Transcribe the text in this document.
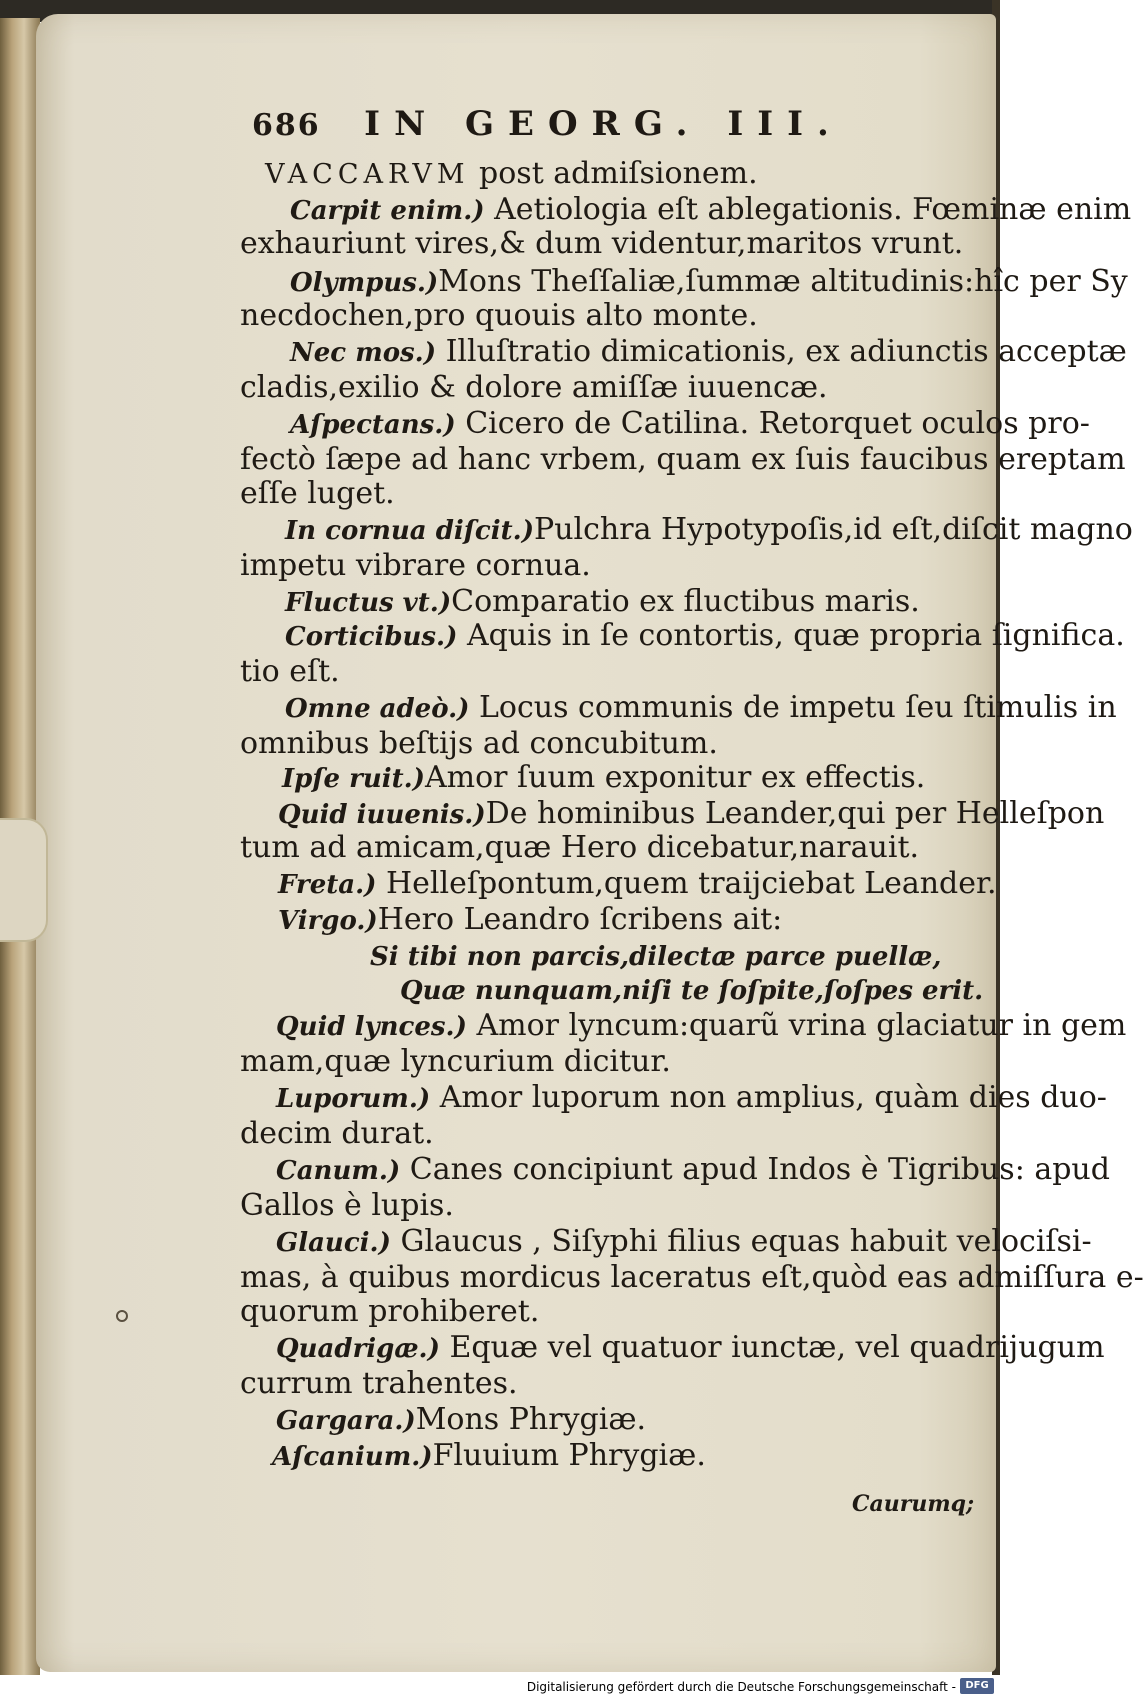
686 IN GEORG. III.
VACCARVM post admiſsionem.
Carpit enim.) Aetiologia eſt ablegationis. Fœminæ enim
exhauriunt vires,& dum videntur,maritos vrunt.
Olympus.)Mons Theſſaliæ,ſummæ altitudinis:hîc per Sy
necdochen,pro quouis alto monte.
Nec mos.) Illuſtratio dimicationis, ex adiunctis acceptæ
cladis,exilio & dolore amiſſæ iuuencæ.
Aſpectans.) Cicero de Catilina. Retorquet oculos pro-
fectò ſæpe ad hanc vrbem, quam ex ſuis faucibus ereptam
eſſe luget.
In cornua diſcit.)Pulchra Hypotypoſis,id eſt,diſcit magno
impetu vibrare cornua.
Fluctus vt.)Comparatio ex fluctibus maris.
Corticibus.) Aquis in ſe contortis, quæ propria ſignifica.
tio eſt.
Omne adeò.) Locus communis de impetu ſeu ſtimulis in
omnibus beſtijs ad concubitum.
Ipſe ruit.)Amor ſuum exponitur ex effectis.
Quid iuuenis.)De hominibus Leander,qui per Helleſpon
tum ad amicam,quæ Hero dicebatur,narauit.
Freta.) Helleſpontum,quem traijciebat Leander.
Virgo.)Hero Leandro ſcribens ait:
Si tibi non parcis,dilectæ parce puellæ,
Quæ nunquam,niſi te ſoſpite,ſoſpes erit.
Quid lynces.) Amor lyncum:quarũ vrina glaciatur in gem
mam,quæ lyncurium dicitur.
Luporum.) Amor luporum non amplius, quàm dies duo-
decim durat.
Canum.) Canes concipiunt apud Indos è Tigribus: apud
Gallos è lupis.
Glauci.) Glaucus , Siſyphi filius equas habuit velociſsi-
mas, à quibus mordicus laceratus eſt,quòd eas admiſſura e-
quorum prohiberet.
Quadrigæ.) Equæ vel quatuor iunctæ, vel quadrijugum
currum trahentes.
Gargara.)Mons Phrygiæ.
Aſcanium.)Fluuium Phrygiæ.
Caurumq;
Digitalisierung gefördert durch die Deutsche Forschungsgemeinschaft - DFG
